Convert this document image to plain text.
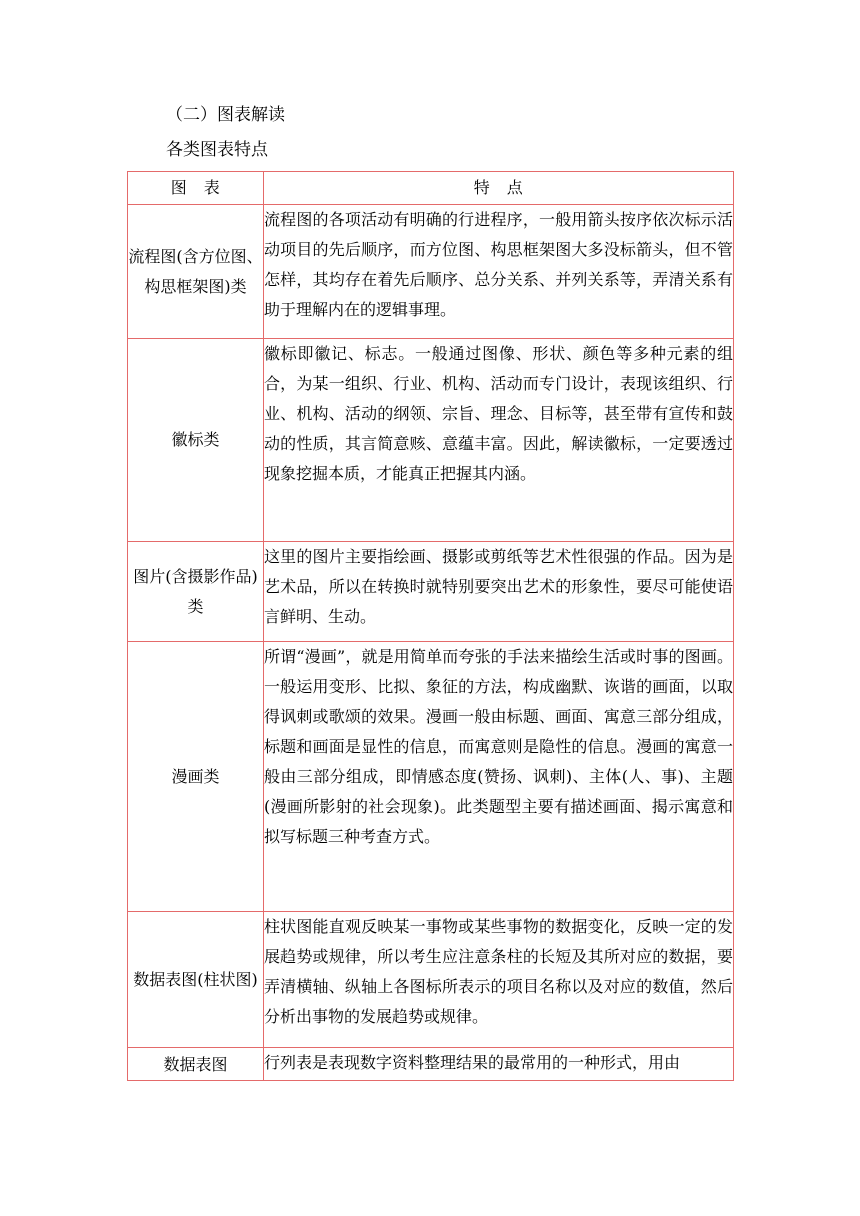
（二）图表解读
各类图表特点
图　表	特　点
流程图(含方位图、构思框架图)类	流程图的各项活动有明确的行进程序，一般用箭头按序依次标示活动项目的先后顺序，而方位图、构思框架图大多没标箭头，但不管怎样，其均存在着先后顺序、总分关系、并列关系等，弄清关系有助于理解内在的逻辑事理。
徽标类	徽标即徽记、标志。一般通过图像、形状、颜色等多种元素的组合，为某一组织、行业、机构、活动而专门设计，表现该组织、行业、机构、活动的纲领、宗旨、理念、目标等，甚至带有宣传和鼓动的性质，其言简意赅、意蕴丰富。因此，解读徽标，一定要透过现象挖掘本质，才能真正把握其内涵。
图片(含摄影作品)类	这里的图片主要指绘画、摄影或剪纸等艺术性很强的作品。因为是艺术品，所以在转换时就特别要突出艺术的形象性，要尽可能使语言鲜明、生动。
漫画类	所谓“漫画”，就是用简单而夸张的手法来描绘生活或时事的图画。一般运用变形、比拟、象征的方法，构成幽默、诙谐的画面，以取得讽刺或歌颂的效果。漫画一般由标题、画面、寓意三部分组成，标题和画面是显性的信息，而寓意则是隐性的信息。漫画的寓意一般由三部分组成，即情感态度(赞扬、讽刺)、主体(人、事)、主题(漫画所影射的社会现象)。此类题型主要有描述画面、揭示寓意和拟写标题三种考查方式。
数据表图(柱状图)	柱状图能直观反映某一事物或某些事物的数据变化，反映一定的发展趋势或规律，所以考生应注意条柱的长短及其所对应的数据，要弄清横轴、纵轴上各图标所表示的项目名称以及对应的数值，然后分析出事物的发展趋势或规律。
数据表图	行列表是表现数字资料整理结果的最常用的一种形式，用由
